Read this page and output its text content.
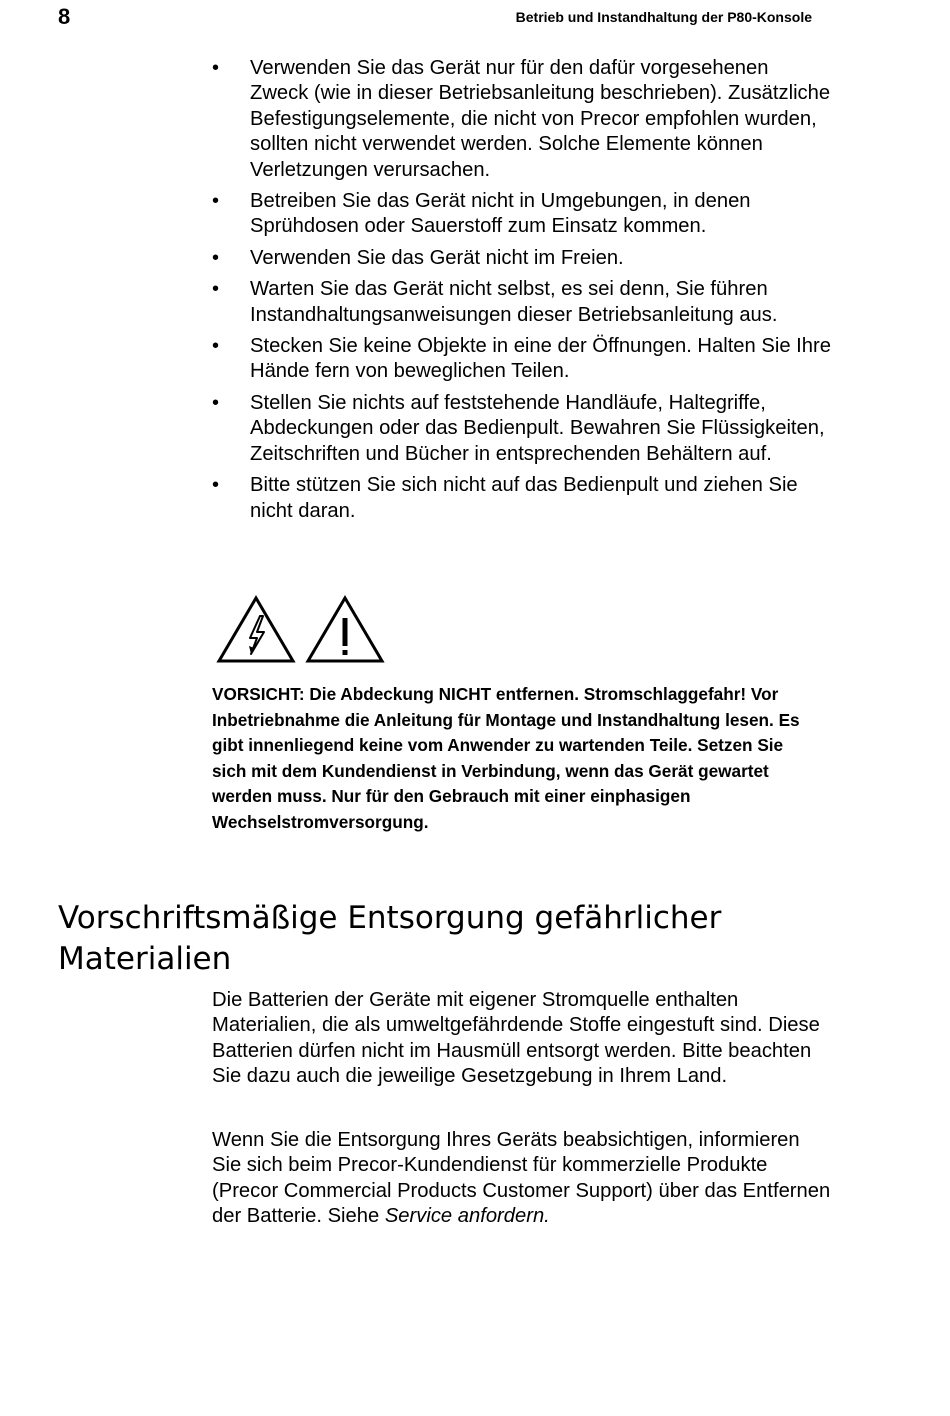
8	Betrieb und Instandhaltung der P80-Konsole
• Verwenden Sie das Gerät nur für den dafür vorgesehenen Zweck (wie in dieser Betriebsanleitung beschrieben). Zusätzliche Befestigungselemente, die nicht von Precor empfohlen wurden, sollten nicht verwendet werden. Solche Elemente können Verletzungen verursachen.
• Betreiben Sie das Gerät nicht in Umgebungen, in denen Sprühdosen oder Sauerstoff zum Einsatz kommen.
• Verwenden Sie das Gerät nicht im Freien.
• Warten Sie das Gerät nicht selbst, es sei denn, Sie führen Instandhaltungsanweisungen dieser Betriebsanleitung aus.
• Stecken Sie keine Objekte in eine der Öffnungen. Halten Sie Ihre Hände fern von beweglichen Teilen.
• Stellen Sie nichts auf feststehende Handläufe, Haltegriffe, Abdeckungen oder das Bedienpult. Bewahren Sie Flüssigkeiten, Zeitschriften und Bücher in entsprechenden Behältern auf.
• Bitte stützen Sie sich nicht auf das Bedienpult und ziehen Sie nicht daran.

VORSICHT: Die Abdeckung NICHT entfernen. Stromschlaggefahr! Vor Inbetriebnahme die Anleitung für Montage und Instandhaltung lesen. Es gibt innenliegend keine vom Anwender zu wartenden Teile. Setzen Sie sich mit dem Kundendienst in Verbindung, wenn das Gerät gewartet werden muss. Nur für den Gebrauch mit einer einphasigen Wechselstromversorgung.

Vorschriftsmäßige Entsorgung gefährlicher Materialien

Die Batterien der Geräte mit eigener Stromquelle enthalten Materialien, die als umweltgefährdende Stoffe eingestuft sind. Diese Batterien dürfen nicht im Hausmüll entsorgt werden. Bitte beachten Sie dazu auch die jeweilige Gesetzgebung in Ihrem Land.

Wenn Sie die Entsorgung Ihres Geräts beabsichtigen, informieren Sie sich beim Precor-Kundendienst für kommerzielle Produkte (Precor Commercial Products Customer Support) über das Entfernen der Batterie. Siehe Service anfordern.
